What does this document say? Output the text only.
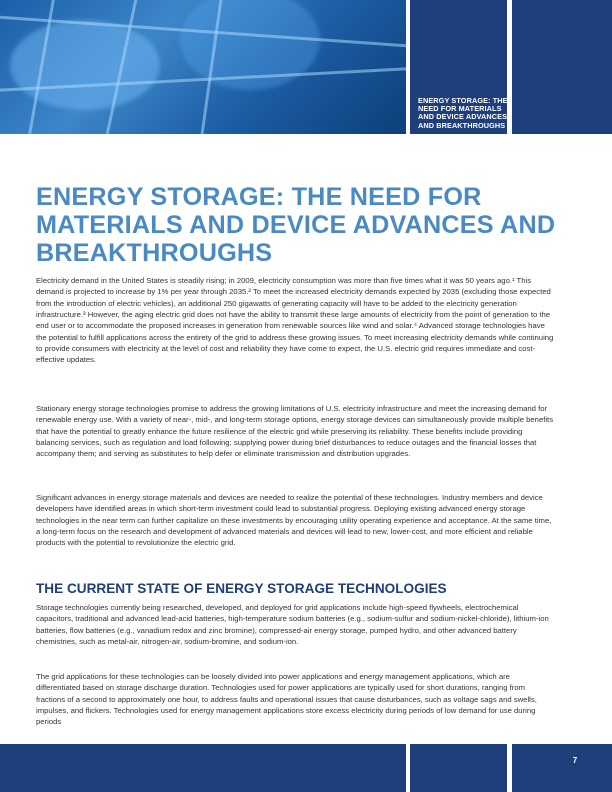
ENERGY STORAGE: THE NEED FOR MATERIALS AND DEVICE ADVANCES AND BREAKTHROUGHS
ENERGY STORAGE: THE NEED FOR MATERIALS AND DEVICE ADVANCES AND BREAKTHROUGHS

Electricity demand in the United States is steadily rising; in 2009, electricity consumption was more than five times what it was 50 years ago.¹ This demand is projected to increase by 1% per year through 2035.² To meet the increased electricity demands expected by 2035 (excluding those expected from the introduction of electric vehicles), an additional 250 gigawatts of generating capacity will have to be added to the electricity generation infrastructure.³ However, the aging electric grid does not have the ability to transmit these large amounts of electricity from the point of generation to the end user or to accommodate the proposed increases in generation from renewable sources like wind and solar.⁴ Advanced storage technologies have the potential to fulfill applications across the entirety of the grid to address these growing issues. To meet increasing electricity demands while continuing to provide consumers with electricity at the level of cost and reliability they have come to expect, the U.S. electric grid requires immediate and cost-effective updates.

Stationary energy storage technologies promise to address the growing limitations of U.S. electricity infrastructure and meet the increasing demand for renewable energy use. With a variety of near-, mid-, and long-term storage options, energy storage devices can simultaneously provide multiple benefits that have the potential to greatly enhance the future resilience of the electric grid while preserving its reliability. These benefits include providing balancing services, such as regulation and load following; supplying power during brief disturbances to reduce outages and the financial losses that accompany them; and serving as substitutes to help defer or eliminate transmission and distribution upgrades.

Significant advances in energy storage materials and devices are needed to realize the potential of these technologies. Industry members and device developers have identified areas in which short-term investment could lead to substantial progress. Deploying existing advanced energy storage technologies in the near term can further capitalize on these investments by encouraging utility operating experience and acceptance. At the same time, a long-term focus on the research and development of advanced materials and devices will lead to new, lower-cost, and more efficient and reliable products with the potential to revolutionize the electric grid.

THE CURRENT STATE OF ENERGY STORAGE TECHNOLOGIES

Storage technologies currently being researched, developed, and deployed for grid applications include high-speed flywheels, electrochemical capacitors, traditional and advanced lead-acid batteries, high-temperature sodium batteries (e.g., sodium-sulfur and sodium-nickel-chloride), lithium-ion batteries, flow batteries (e.g., vanadium redox and zinc bromine), compressed-air energy storage, pumped hydro, and other advanced battery chemistries, such as metal-air, nitrogen-air, sodium-bromine, and sodium-ion.

The grid applications for these technologies can be loosely divided into power applications and energy management applications, which are differentiated based on storage discharge duration. Technologies used for power applications are typically used for short durations, ranging from fractions of a second to approximately one hour, to address faults and operational issues that cause disturbances, such as voltage sags and swells, impulses, and flickers. Technologies used for energy management applications store excess electricity during periods of low demand for use during periods

7
